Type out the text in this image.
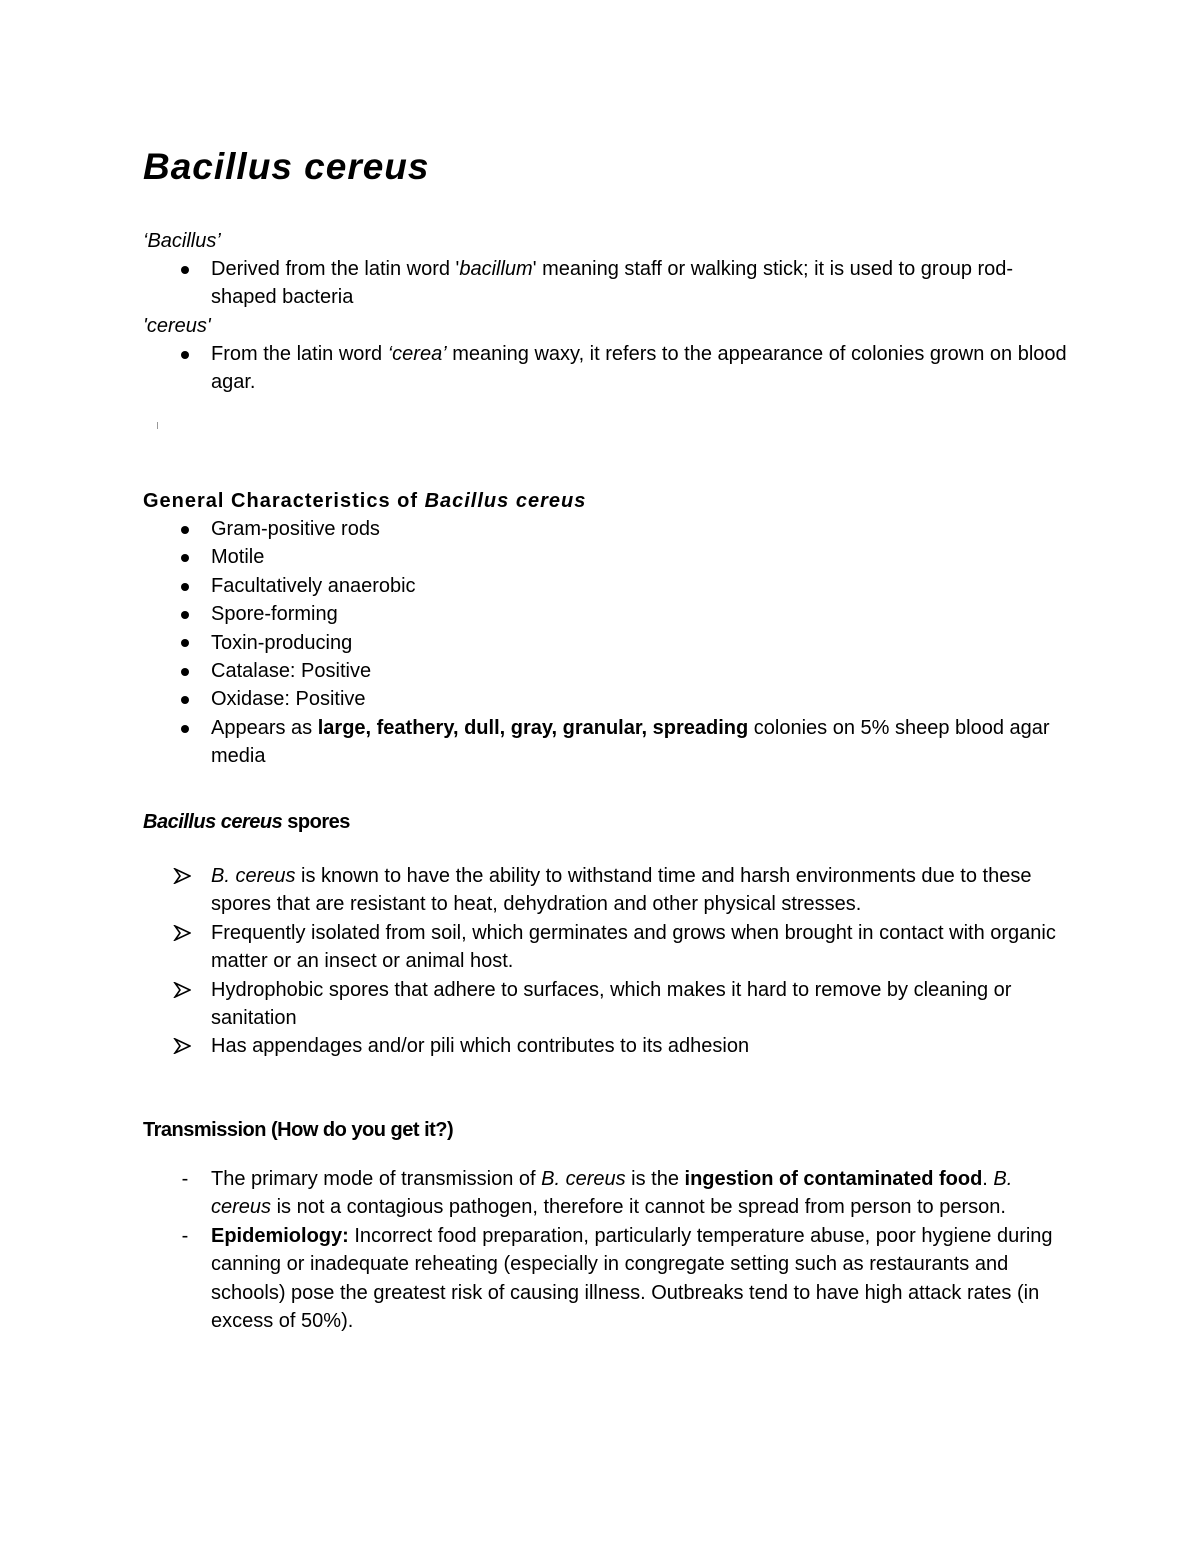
Bacillus cereus

‘Bacillus’

Derived from the latin word 'bacillum' meaning staff or walking stick; it is used to group rod-shaped bacteria

'cereus'

From the latin word ‘cerea’ meaning waxy, it refers to the appearance of colonies grown on blood agar.
General Characteristics of Bacillus cereus
Gram-positive rods
Motile
Facultatively anaerobic
Spore-forming
Toxin-producing
Catalase: Positive
Oxidase: Positive
Appears as large, feathery, dull, gray, granular, spreading colonies on 5% sheep blood agar media
Bacillus cereus spores
B. cereus is known to have the ability to withstand time and harsh environments due to these spores that are resistant to heat, dehydration and other physical stresses.
Frequently isolated from soil, which germinates and grows when brought in contact with organic matter or an insect or animal host.
Hydrophobic spores that adhere to surfaces, which makes it hard to remove by cleaning or sanitation
Has appendages and/or pili which contributes to its adhesion
Transmission (How do you get it?)
-	The primary mode of transmission of B. cereus is the ingestion of contaminated food. B. cereus is not a contagious pathogen, therefore it cannot be spread from person to person.
-	Epidemiology: Incorrect food preparation, particularly temperature abuse, poor hygiene during canning or inadequate reheating (especially in congregate setting such as restaurants and schools) pose the greatest risk of causing illness. Outbreaks tend to have high attack rates (in excess of 50%).
